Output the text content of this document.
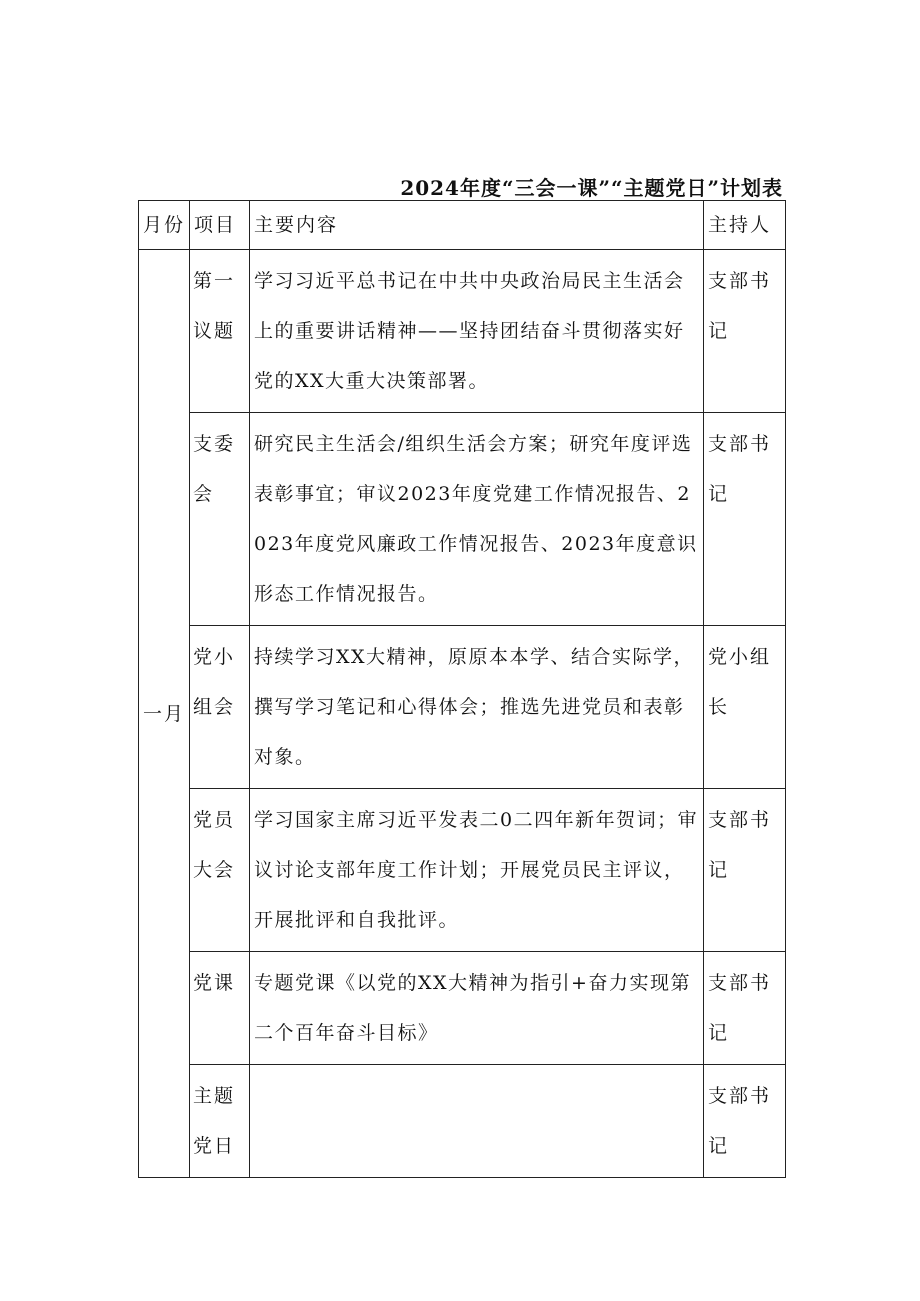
2024年度“三会一课”“主题党日”计划表
月份	项目	主要内容	主持人
一月	第一议题	学习习近平总书记在中共中央政治局民主生活会上的重要讲话精神——坚持团结奋斗贯彻落实好党的XX大重大决策部署。	支部书记
	支委会	研究民主生活会/组织生活会方案；研究年度评选表彰事宜；审议2023年度党建工作情况报告、2023年度党风廉政工作情况报告、2023年度意识形态工作情况报告。	支部书记
	党小组会	持续学习XX大精神，原原本本学、结合实际学，撰写学习笔记和心得体会；推选先进党员和表彰对象。	党小组长
	党员大会	学习国家主席习近平发表二0二四年新年贺词；审议讨论支部年度工作计划；开展党员民主评议，开展批评和自我批评。	支部书记
	党课	专题党课《以党的XX大精神为指引+奋力实现第二个百年奋斗目标》	支部书记
	主题党日		支部书记
